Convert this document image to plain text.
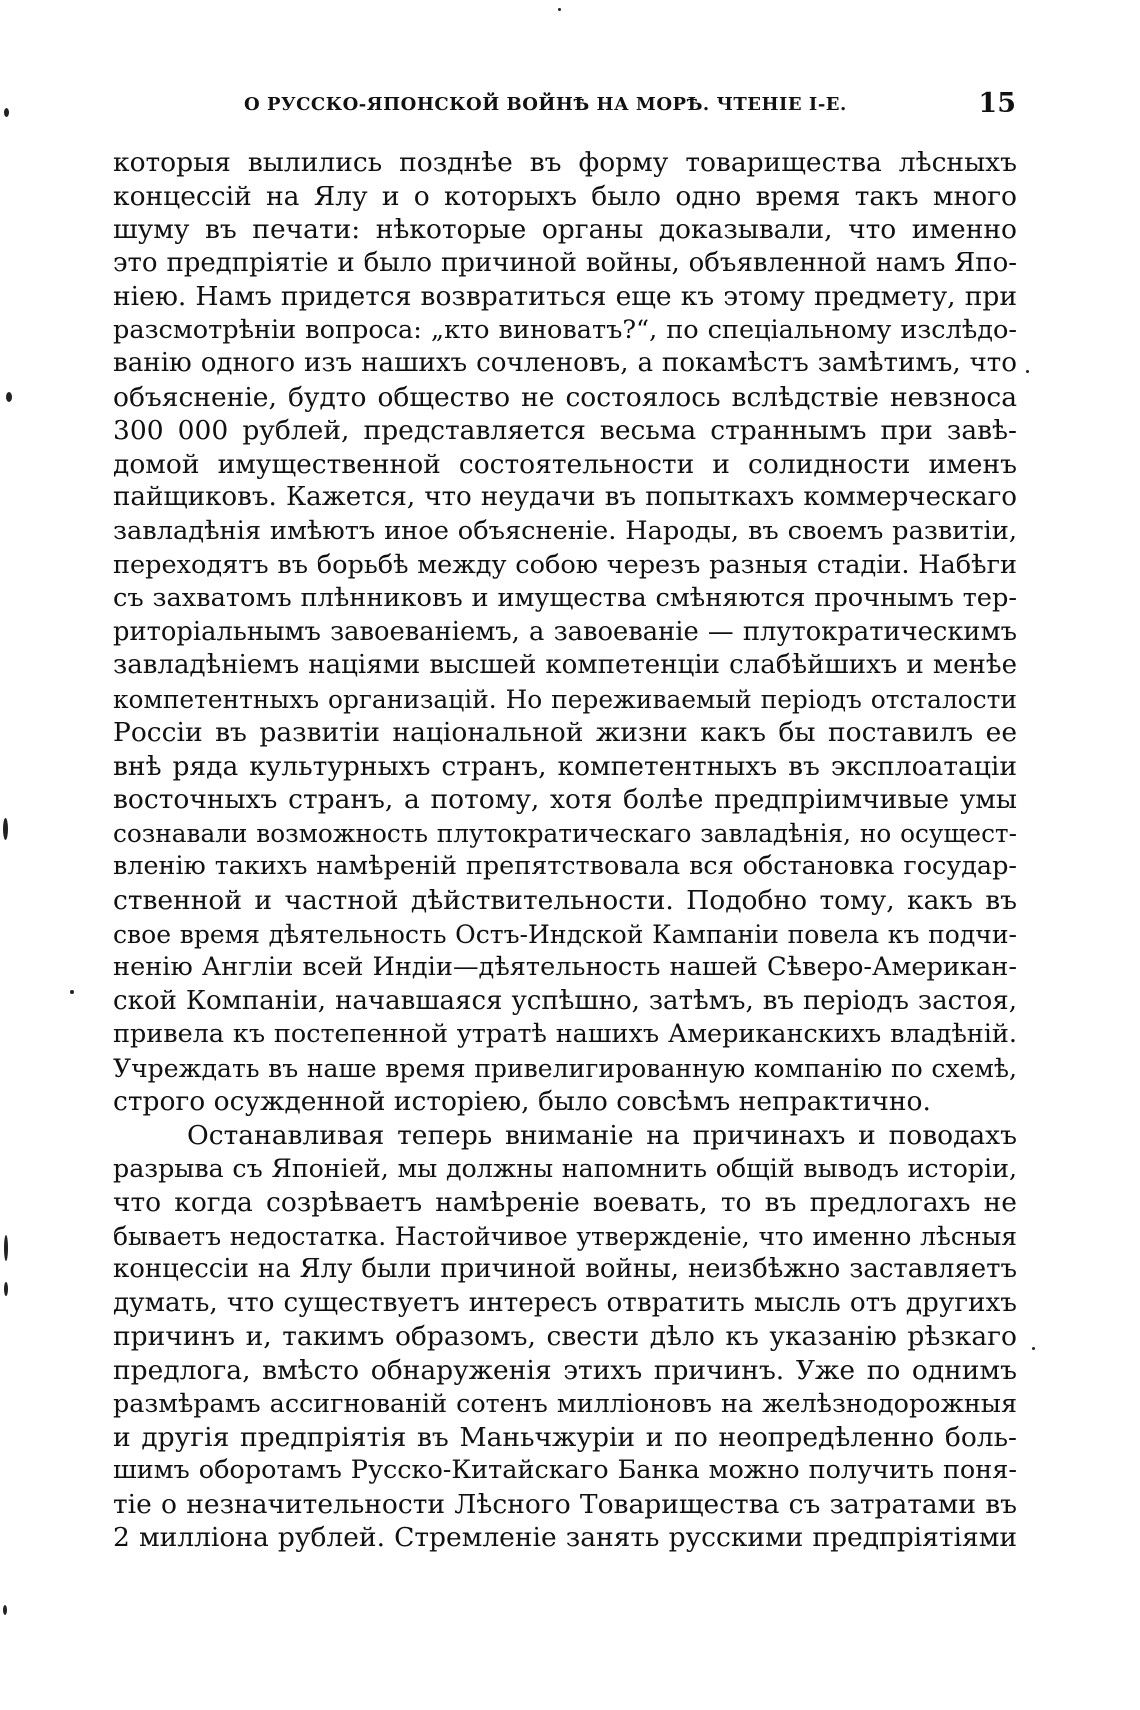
О РУССКО-ЯПОНСКОЙ ВОЙНѢ НА МОРѢ. ЧТЕНІЕ І-Е.	15
которыя вылились позднѣе въ форму товарищества лѣсныхъ
концессій на Ялу и о которыхъ было одно время такъ много
шуму въ печати: нѣкоторые органы доказывали, что именно
это предпріятіе и было причиной войны, объявленной намъ Япо-
ніею. Намъ придется возвратиться еще къ этому предмету, при
разсмотрѣніи вопроса: „кто виноватъ?“, по спеціальному изслѣдо-
ванію одного изъ нашихъ сочленовъ, а покамѣстъ замѣтимъ, что
объясненіе, будто общество не состоялось вслѣдствіе невзноса
300 000 рублей, представляется весьма страннымъ при завѣ-
домой имущественной состоятельности и солидности именъ
пайщиковъ. Кажется, что неудачи въ попыткахъ коммерческаго
завладѣнія имѣютъ иное объясненіе. Народы, въ своемъ развитіи,
переходятъ въ борьбѣ между собою черезъ разныя стадіи. Набѣги
съ захватомъ плѣнниковъ и имущества смѣняются прочнымъ тер-
риторіальнымъ завоеваніемъ, а завоеваніе — плутократическимъ
завладѣніемъ націями высшей компетенціи слабѣйшихъ и менѣе
компетентныхъ организацій. Но переживаемый періодъ отсталости
Россіи въ развитіи національной жизни какъ бы поставилъ ее
внѣ ряда культурныхъ странъ, компетентныхъ въ эксплоатаціи
восточныхъ странъ, а потому, хотя болѣе предпріимчивые умы
сознавали возможность плутократическаго завладѣнія, но осущест-
вленію такихъ намѣреній препятствовала вся обстановка государ-
ственной и частной дѣйствительности. Подобно тому, какъ въ
свое время дѣятельность Остъ-Индской Кампаніи повела къ подчи-
ненію Англіи всей Индіи—дѣятельность нашей Сѣверо-Американ-
ской Компаніи, начавшаяся успѣшно, затѣмъ, въ періодъ застоя,
привела къ постепенной утратѣ нашихъ Американскихъ владѣній.
Учреждать въ наше время привелигированную компанію по схемѣ,
строго осужденной исторіею, было совсѣмъ непрактично.
Останавливая теперь вниманіе на причинахъ и поводахъ
разрыва съ Японіей, мы должны напомнить общій выводъ исторіи,
что когда созрѣваетъ намѣреніе воевать, то въ предлогахъ не
бываетъ недостатка. Настойчивое утвержденіе, что именно лѣсныя
концессіи на Ялу были причиной войны, неизбѣжно заставляетъ
думать, что существуетъ интересъ отвратить мысль отъ другихъ
причинъ и, такимъ образомъ, свести дѣло къ указанію рѣзкаго
предлога, вмѣсто обнаруженія этихъ причинъ. Уже по однимъ
размѣрамъ ассигнованій сотенъ милліоновъ на желѣзнодорожныя
и другія предпріятія въ Маньчжуріи и по неопредѣленно боль-
шимъ оборотамъ Русско-Китайскаго Банка можно получить поня-
тіе о незначительности Лѣсного Товарищества съ затратами въ
2 милліона рублей. Стремленіе занять русскими предпріятіями
